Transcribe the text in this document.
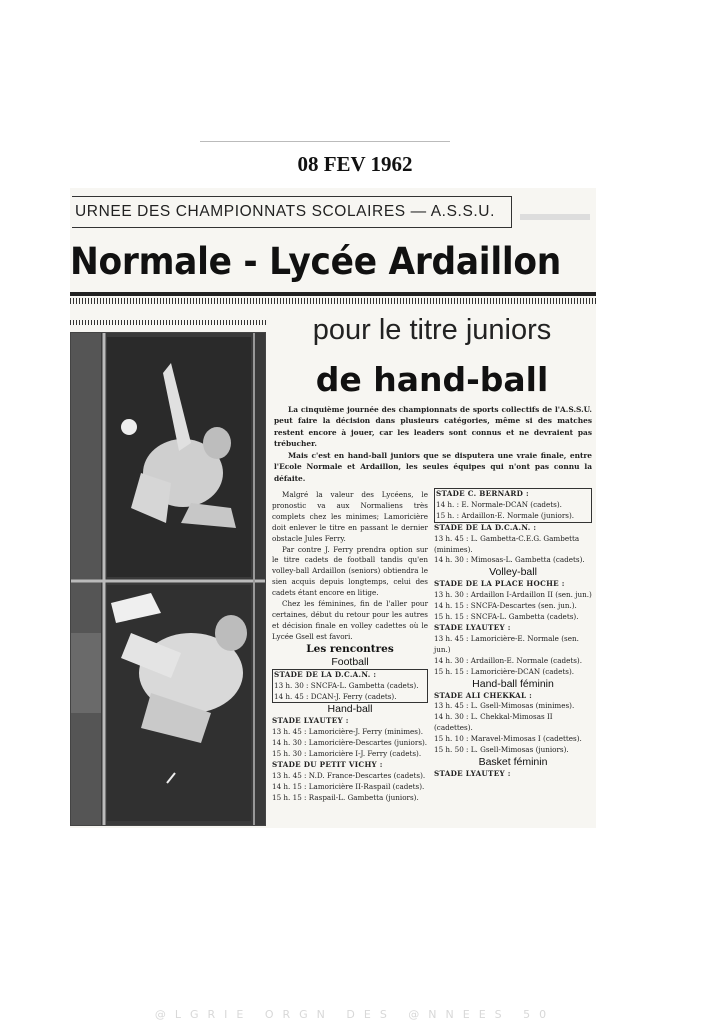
08 FEV 1962
URNEE DES CHAMPIONNATS SCOLAIRES — A.S.S.U.
Normale - Lycée Ardaillon
pour le titre juniors
de hand-ball

La cinquième journée des championnats de sports collectifs de l'A.S.S.U. peut faire la décision dans plusieurs catégories, même si des matches restent encore à jouer, car les leaders sont connus et ne devraient pas trébucher.

Mais c'est en hand-ball juniors que se disputera une vraie finale, entre l'Ecole Normale et Ardaillon, les seules équipes qui n'ont pas connu la défaite.

Malgré la valeur des Lycéens, le pronostic va aux Normaliens très complets chez les minimes; Lamoricière doit enlever le titre en passant le dernier obstacle Jules Ferry.

Par contre J. Ferry prendra option sur le titre cadets de football tandis qu'en volley-ball Ardaillon (seniors) obtiendra le sien acquis depuis longtemps, celui des cadets étant encore en litige.

Chez les féminines, fin de l'aller pour certaines, début du retour pour les autres et décision finale en volley cadettes où le Lycée Gsell est favori.

Les rencontres
Football
STADE DE LA D.C.A.N. :
13 h. 30 : SNCFA-L. Gambetta (cadets).
14 h. 45 : DCAN-J. Ferry (cadets).
Hand-ball
STADE LYAUTEY :
13 h. 45 : Lamoricière-J. Ferry (minimes).
14 h. 30 : Lamoricière-Descartes (juniors).
15 h. 30 : Lamoricière I-J. Ferry (cadets).
STADE DU PETIT VICHY :
13 h. 45 : N.D. France-Descartes (cadets).
14 h. 15 : Lamoricière II-Raspail (cadets).
15 h. 15 : Raspail-L. Gambetta (juniors).
STADE C. BERNARD :
14 h. : E. Normale-DCAN (cadets).
15 h. : Ardaillon-E. Normale (juniors).
STADE DE LA D.C.A.N. :
13 h. 45 : L. Gambetta-C.E.G. Gambetta (minimes).
14 h. 30 : Mimosas-L. Gambetta (cadets).
Volley-ball
STADE DE LA PLACE HOCHE :
13 h. 30 : Ardaillon I-Ardaillon II (sen. jun.)
14 h. 15 : SNCFA-Descartes (sen. jun.).
15 h. 15 : SNCFA-L. Gambetta (cadets).
STADE LYAUTEY :
13 h. 45 : Lamoricière-E. Normale (sen. jun.)
14 h. 30 : Ardaillon-E. Normale (cadets).
15 h. 15 : Lamoricière-DCAN (cadets).
Hand-ball féminin
STADE ALI CHEKKAL :
13 h. 45 : L. Gsell-Mimosas (minimes).
14 h. 30 : L. Chekkal-Mimosas II (cadettes).
15 h. 10 : Maravel-Mimosas I (cadettes).
15 h. 50 : L. Gsell-Mimosas (juniors).
Basket féminin
STADE LYAUTEY :
@LGRIE ORGN DES @NNEES 50
